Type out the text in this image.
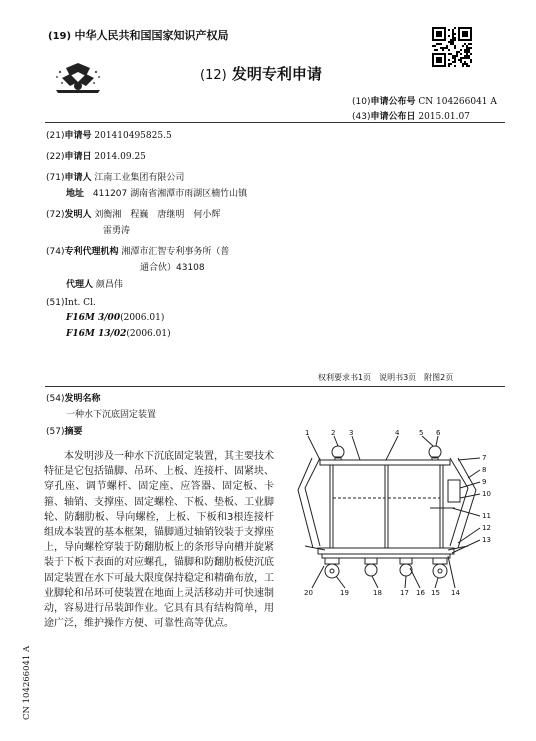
(19) 中华人民共和国国家知识产权局
(12) 发明专利申请
(10)申请公布号 CN 104266041 A
(43)申请公布日 2015.01.07
(21)申请号 201410495825.5
(22)申请日 2014.09.25
(71)申请人 江南工业集团有限公司
地址 411207 湖南省湘潭市雨湖区楠竹山镇
(72)发明人 刘衡湘　程巍　唐继明　何小辉
雷勇涛
(74)专利代理机构 湘潭市汇智专利事务所（普
通合伙）43108
代理人 颜昌伟
(51)Int. Cl.
F16M 3/00(2006.01)
F16M 13/02(2006.01)
权利要求书1页　说明书3页　附图2页
(54)发明名称
一种水下沉底固定装置
(57)摘要
本发明涉及一种水下沉底固定装置，其主要技术特征是它包括锚脚、吊环、上板、连接杆、固紧块、穿孔座、调节螺杆、固定座、应答器、固定板、卡箍、轴销、支撑座、固定螺栓、下板、垫板、工业脚轮、防翻肋板、导向螺栓，上板、下板和3根连接杆组成本装置的基本框架，锚脚通过轴销铰装于支撑座上，导向螺栓穿装于防翻肋板上的条形导向槽并旋紧装于下板下表面的对应螺孔，锚脚和防翻肋板使沉底固定装置在水下可最大限度保持稳定和精确布放，工业脚轮和吊环可使装置在地面上灵活移动并可快速制动，容易进行吊装卸作业。它具有具有结构简单，用途广泛，维护操作方便、可靠性高等优点。
1	2 3	4	5 6
7
8
9
10
11
12
13
20	19	18	17 16 15 14
CN 104266041 A
